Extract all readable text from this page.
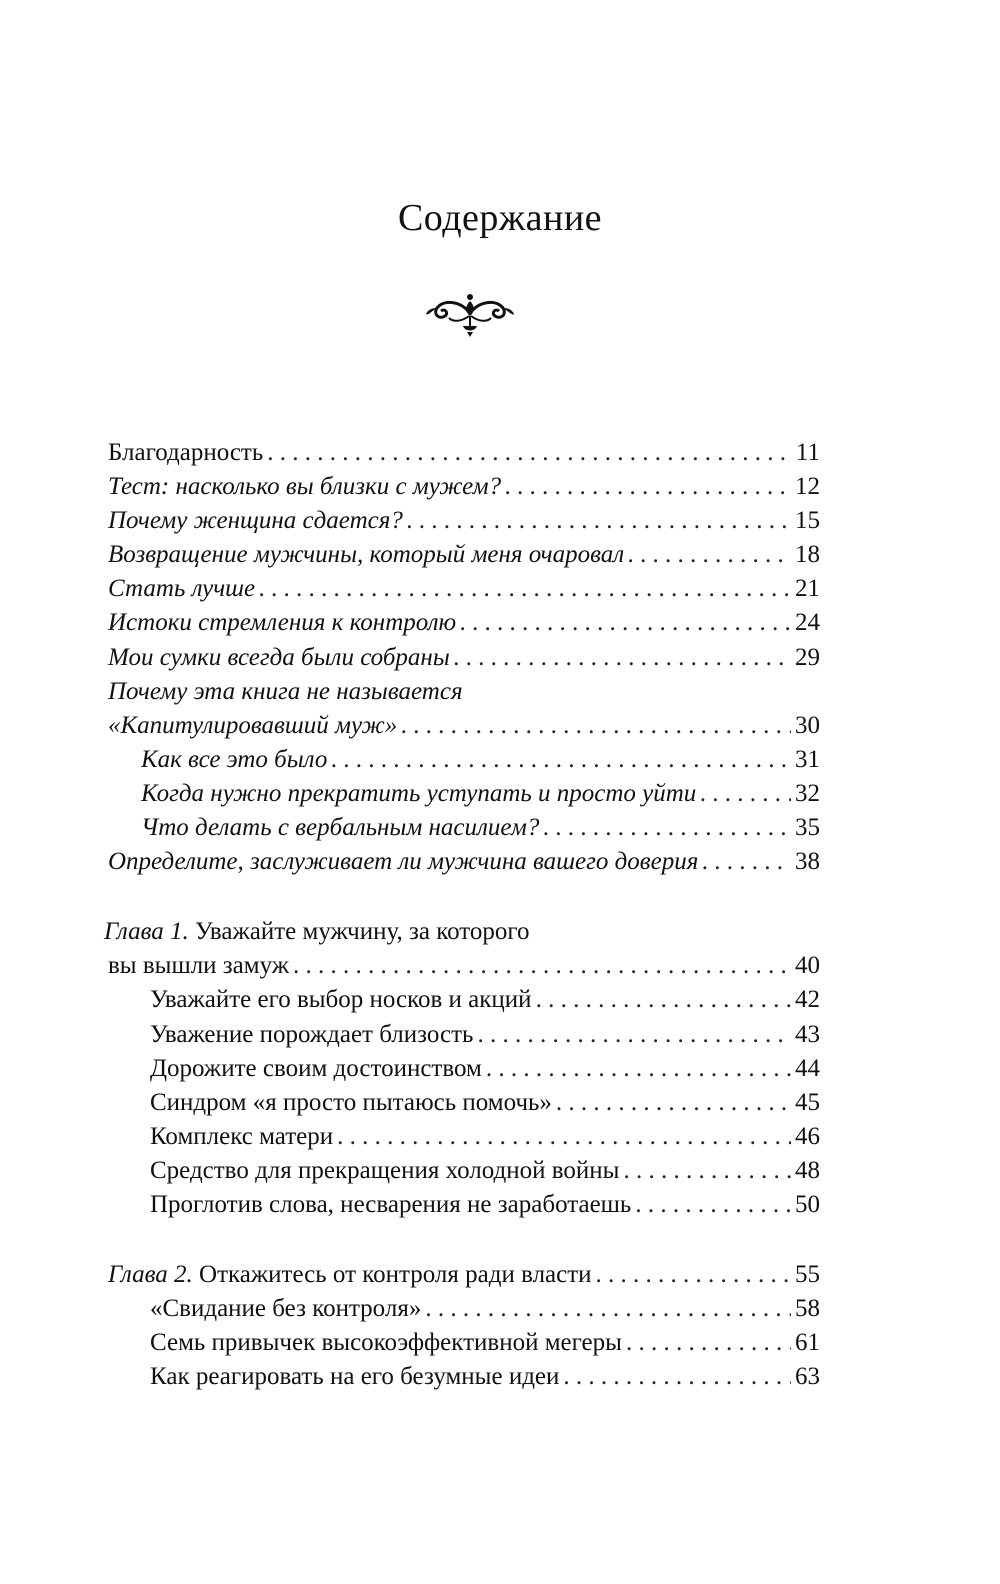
Содержание
Благодарность . . .	11
Тест: насколько вы близки с мужем? . . .	12
Почему женщина сдается? . . .	15
Возвращение мужчины, который меня очаровал . . .	18
Стать лучше . . .	21
Истоки стремления к контролю . . .	24
Мои сумки всегда были собраны . . .	29
Почему эта книга не называется
«Капитулировавший муж» . . .	30
Как все это было . . .	31
Когда нужно прекратить уступать и просто уйти . . .	32
Что делать с вербальным насилием? . . .	35
Определите, заслуживает ли мужчина вашего доверия . . .	38
Глава 1. Уважайте мужчину, за которого
вы вышли замуж . . .	40
Уважайте его выбор носков и акций . . .	42
Уважение порождает близость . . .	43
Дорожите своим достоинством . . .	44
Синдром «я просто пытаюсь помочь» . . .	45
Комплекс матери . . .	46
Средство для прекращения холодной войны . . .	48
Проглотив слова, несварения не заработаешь . . .	50
Глава 2. Откажитесь от контроля ради власти . . .	55
«Свидание без контроля» . . .	58
Семь привычек высокоэффективной мегеры . . .	61
Как реагировать на его безумные идеи . . .	63
